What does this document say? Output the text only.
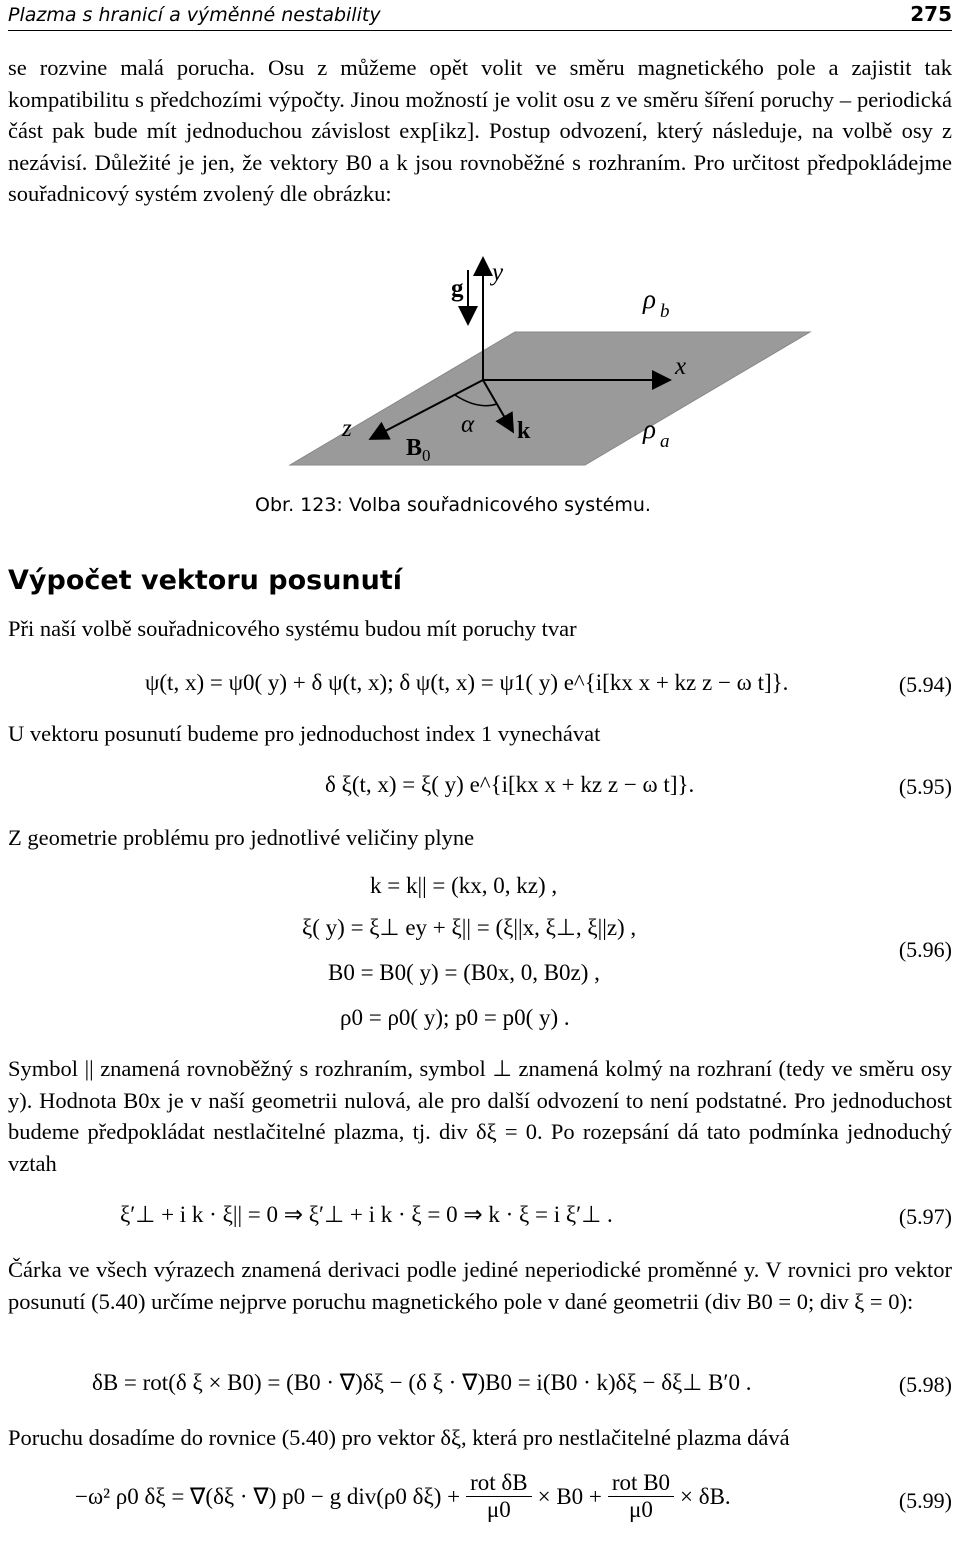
Plazma s hranicí a výměnné nestability	275
se rozvine malá porucha. Osu z můžeme opět volit ve směru magnetického pole a zajistit tak kompatibilitu s předchozími výpočty. Jinou možností je volit osu z ve směru šíření poruchy – periodická část pak bude mít jednoduchou závislost exp[ikz]. Postup odvození, který následuje, na volbě osy z nezávisí. Důležité je jen, že vektory B0 a k jsou rovnoběžné s rozhraním. Pro určitost předpokládejme souřadnicový systém zvolený dle obrázku:
g
y
x
z
$B_0$
α k
ρ $_b$
ρ $_a$
Obr. 123: Volba souřadnicového systému.
Výpočet vektoru posunutí
Při naší volbě souřadnicového systému budou mít poruchy tvar
ψ(t, x) = ψ0( y) + δ ψ(t, x); δ ψ(t, x) = ψ1( y) e^{i[kx x + kz z − ω t]}.	(5.94)
U vektoru posunutí budeme pro jednoduchost index 1 vynechávat
δ ξ(t, x) = ξ( y) e^{i[kx x + kz z − ω t]}.	(5.95)
Z geometrie problému pro jednotlivé veličiny plyne
k = k|| = (kx, 0, kz) ,
ξ( y) = ξ⊥ ey + ξ|| = (ξ||x, ξ⊥, ξ||z) ,
B0 = B0( y) = (B0x, 0, B0z) ,
ρ0 = ρ0( y); p0 = p0( y) .
(5.96)
Symbol || znamená rovnoběžný s rozhraním, symbol ⊥ znamená kolmý na rozhraní (tedy ve směru osy y). Hodnota B0x je v naší geometrii nulová, ale pro další odvození to není podstatné. Pro jednoduchost budeme předpokládat nestlačitelné plazma, tj. div δξ = 0. Po rozepsání dá tato podmínka jednoduchý vztah
ξ′⊥ + i k · ξ|| = 0 ⇒ ξ′⊥ + i k · ξ = 0 ⇒ k · ξ = i ξ′⊥ .	(5.97)
Čárka ve všech výrazech znamená derivaci podle jediné neperiodické proměnné y. V rovnici pro vektor posunutí (5.40) určíme nejprve poruchu magnetického pole v dané geometrii (div B0 = 0; div ξ = 0):
δB = rot(δ ξ × B0) = (B0 · ∇)δξ − (δ ξ · ∇)B0 = i(B0 · k)δξ − δξ⊥ B′0 .	(5.98)
Poruchu dosadíme do rovnice (5.40) pro vektor δξ, která pro nestlačitelné plazma dává
−ω² ρ0 δξ = ∇(δξ · ∇) p0 − g div(ρ0 $\delta\xi) + \frac{\text{rot δB}}{\mu 0} \times B0 + \frac{\text{rot B0}}{\mu 0} \times \delta B$.	(5.99)
